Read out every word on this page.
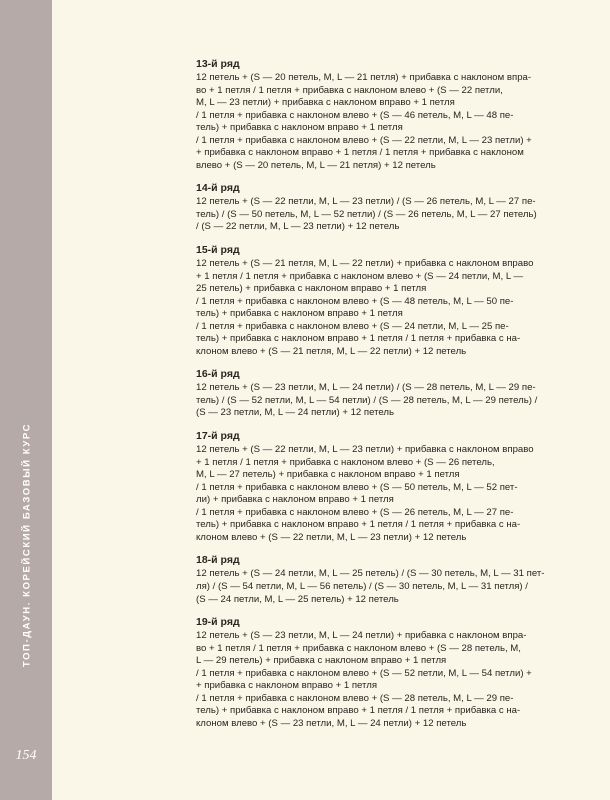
ТОП-ДАУН. КОРЕЙСКИЙ БАЗОВЫЙ КУРС
154
13-й ряд
12 петель + (S — 20 петель, M, L — 21 петля) + прибавка с наклоном впра-
во + 1 петля / 1 петля + прибавка с наклоном влево + (S — 22 петли,
M, L — 23 петли) + прибавка с наклоном вправо + 1 петля
/ 1 петля + прибавка с наклоном влево + (S — 46 петель, M, L — 48 пе-
тель) + прибавка с наклоном вправо + 1 петля
/ 1 петля + прибавка с наклоном влево + (S — 22 петли, M, L — 23 петли) +
+ прибавка с наклоном вправо + 1 петля / 1 петля + прибавка с наклоном
влево + (S — 20 петель, M, L — 21 петля) + 12 петель
14-й ряд
12 петель + (S — 22 петли, M, L — 23 петли) / (S — 26 петель, M, L — 27 пе-
тель) / (S — 50 петель, M, L — 52 петли) / (S — 26 петель, M, L — 27 петель)
/ (S — 22 петли, M, L — 23 петли) + 12 петель
15-й ряд
12 петель + (S — 21 петля, M, L — 22 петли) + прибавка с наклоном вправо
+ 1 петля / 1 петля + прибавка с наклоном влево + (S — 24 петли, M, L —
25 петель) + прибавка с наклоном вправо + 1 петля
/ 1 петля + прибавка с наклоном влево + (S — 48 петель, M, L — 50 пе-
тель) + прибавка с наклоном вправо + 1 петля
/ 1 петля + прибавка с наклоном влево + (S — 24 петли, M, L — 25 пе-
тель) + прибавка с наклоном вправо + 1 петля / 1 петля + прибавка с на-
клоном влево + (S — 21 петля, M, L — 22 петли) + 12 петель
16-й ряд
12 петель + (S — 23 петли, M, L — 24 петли) / (S — 28 петель, M, L — 29 пе-
тель) / (S — 52 петли, M, L — 54 петли) / (S — 28 петель, M, L — 29 петель) /
(S — 23 петли, M, L — 24 петли) + 12 петель
17-й ряд
12 петель + (S — 22 петли, M, L — 23 петли) + прибавка с наклоном вправо
+ 1 петля / 1 петля + прибавка с наклоном влево + (S — 26 петель,
M, L — 27 петель) + прибавка с наклоном вправо + 1 петля
/ 1 петля + прибавка с наклоном влево + (S — 50 петель, M, L — 52 пет-
ли) + прибавка с наклоном вправо + 1 петля
/ 1 петля + прибавка с наклоном влево + (S — 26 петель, M, L — 27 пе-
тель) + прибавка с наклоном вправо + 1 петля / 1 петля + прибавка с на-
клоном влево + (S — 22 петли, M, L — 23 петли) + 12 петель
18-й ряд
12 петель + (S — 24 петли, M, L — 25 петель) / (S — 30 петель, M, L — 31 пет-
ля) / (S — 54 петли, M, L — 56 петель) / (S — 30 петель, M, L — 31 петля) /
(S — 24 петли, M, L — 25 петель) + 12 петель
19-й ряд
12 петель + (S — 23 петли, M, L — 24 петли) + прибавка с наклоном впра-
во + 1 петля / 1 петля + прибавка с наклоном влево + (S — 28 петель, M,
L — 29 петель) + прибавка с наклоном вправо + 1 петля
/ 1 петля + прибавка с наклоном влево + (S — 52 петли, M, L — 54 петли) +
+ прибавка с наклоном вправо + 1 петля
/ 1 петля + прибавка с наклоном влево + (S — 28 петель, M, L — 29 пе-
тель) + прибавка с наклоном вправо + 1 петля / 1 петля + прибавка с на-
клоном влево + (S — 23 петли, M, L — 24 петли) + 12 петель
